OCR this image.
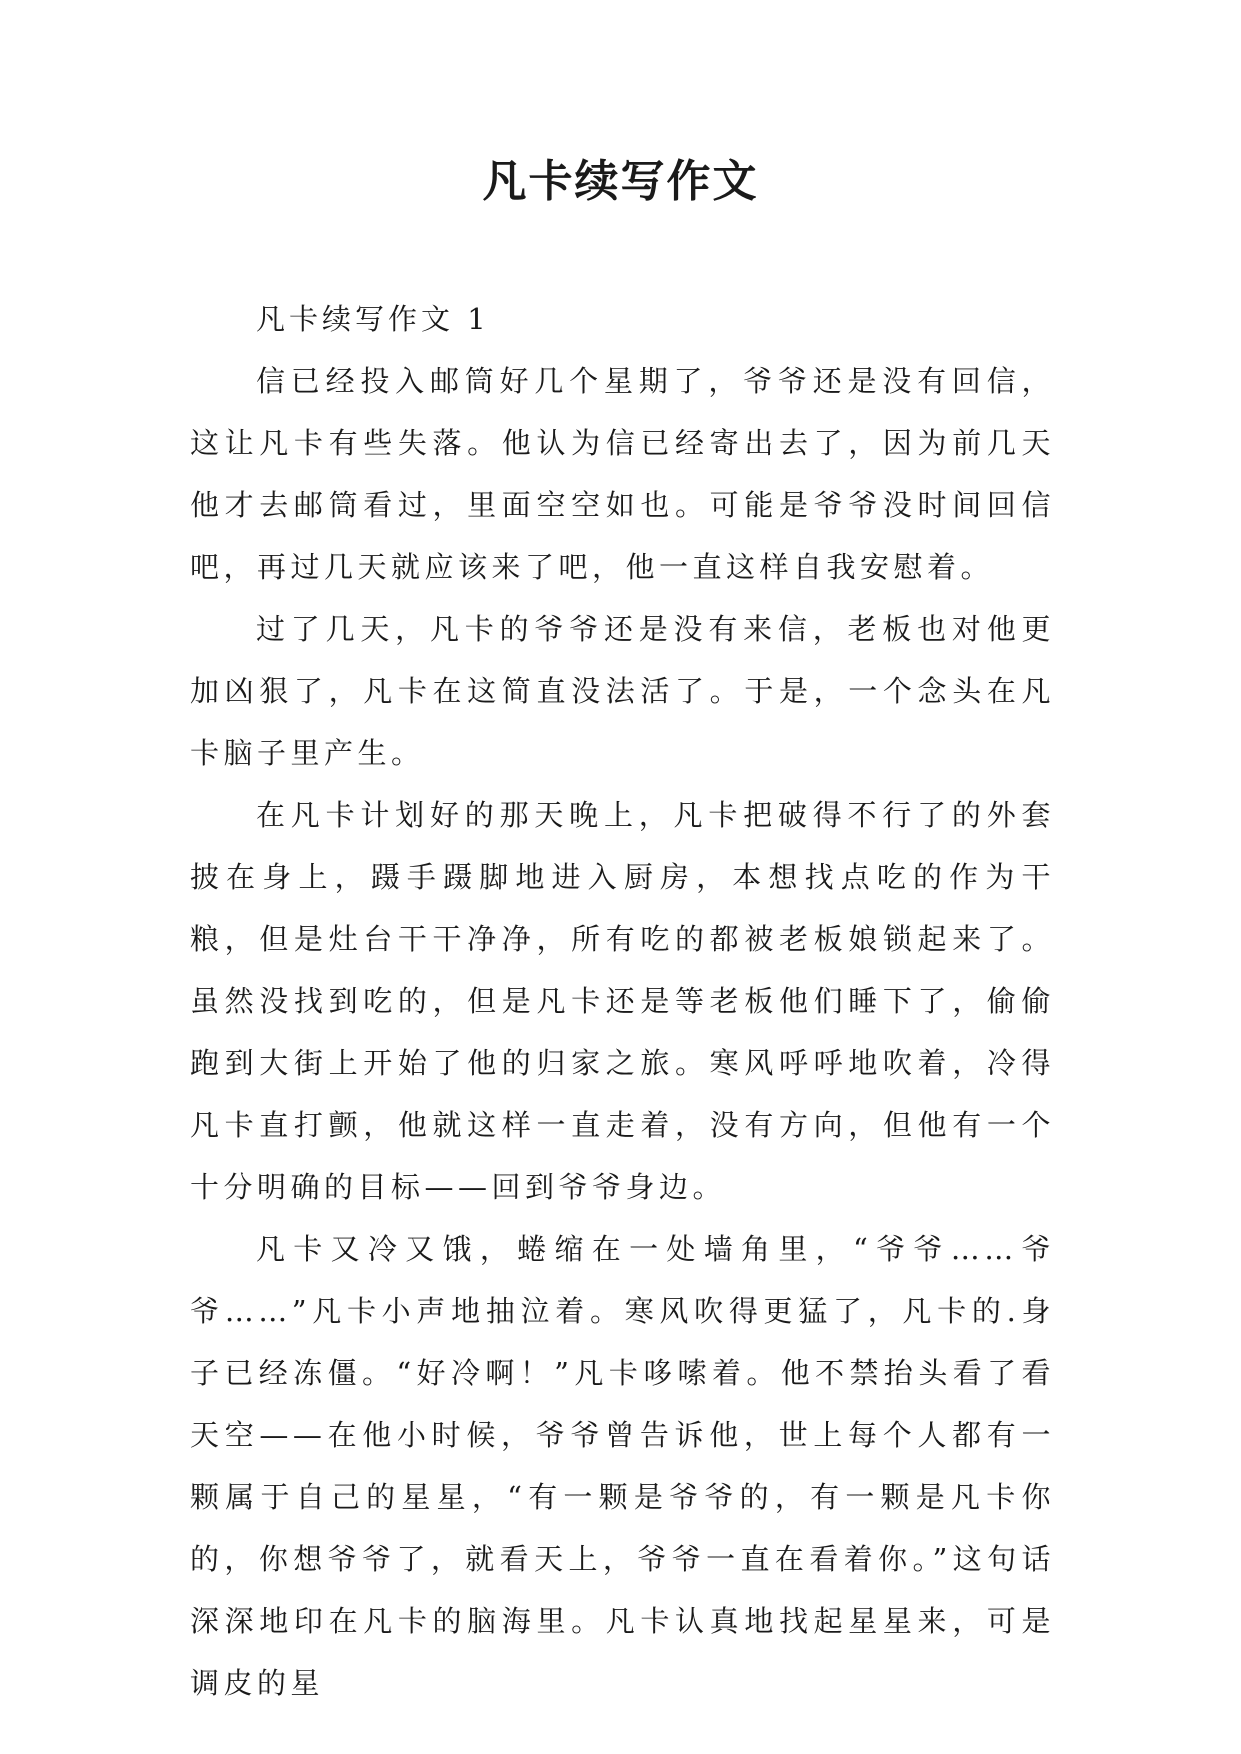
凡卡续写作文

凡卡续写作文 1

信已经投入邮筒好几个星期了，爷爷还是没有回信，这让凡卡有些失落。他认为信已经寄出去了，因为前几天他才去邮筒看过，里面空空如也。可能是爷爷没时间回信吧，再过几天就应该来了吧，他一直这样自我安慰着。

过了几天，凡卡的爷爷还是没有来信，老板也对他更加凶狠了，凡卡在这简直没法活了。于是，一个念头在凡卡脑子里产生。

在凡卡计划好的那天晚上，凡卡把破得不行了的外套披在身上，蹑手蹑脚地进入厨房，本想找点吃的作为干粮，但是灶台干干净净，所有吃的都被老板娘锁起来了。虽然没找到吃的，但是凡卡还是等老板他们睡下了，偷偷跑到大街上开始了他的归家之旅。寒风呼呼地吹着，冷得凡卡直打颤，他就这样一直走着，没有方向，但他有一个十分明确的目标——回到爷爷身边。

凡卡又冷又饿，蜷缩在一处墙角里，“爷爷……爷爷……”凡卡小声地抽泣着。寒风吹得更猛了，凡卡的.身子已经冻僵。“好冷啊！”凡卡哆嗦着。他不禁抬头看了看天空——在他小时候，爷爷曾告诉他，世上每个人都有一颗属于自己的星星，“有一颗是爷爷的，有一颗是凡卡你的，你想爷爷了，就看天上，爷爷一直在看着你。”这句话深深地印在凡卡的脑海里。凡卡认真地找起星星来，可是调皮的星
